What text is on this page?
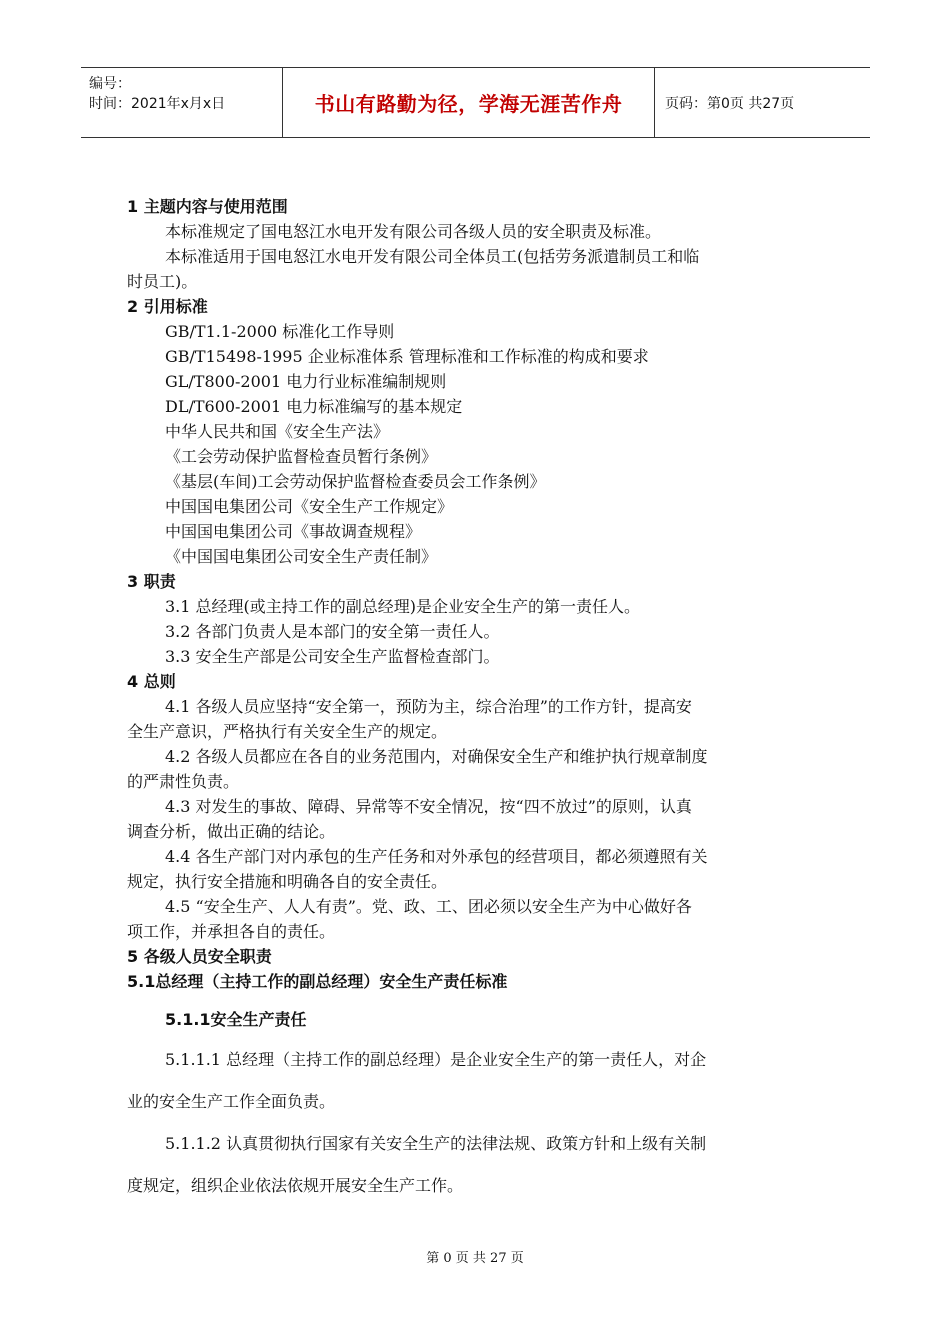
编号：
时间：2021年x月x日	书山有路勤为径，学海无涯苦作舟	页码：第0页 共27页
1 主题内容与使用范围
本标准规定了国电怒江水电开发有限公司各级人员的安全职责及标准。
本标准适用于国电怒江水电开发有限公司全体员工(包括劳务派遣制员工和临
时员工)。
2 引用标准
GB/T1.1-2000 标准化工作导则
GB/T15498-1995 企业标准体系 管理标准和工作标准的构成和要求
GL/T800-2001 电力行业标准编制规则
DL/T600-2001 电力标准编写的基本规定
中华人民共和国《安全生产法》
《工会劳动保护监督检查员暂行条例》
《基层(车间)工会劳动保护监督检查委员会工作条例》
中国国电集团公司《安全生产工作规定》
中国国电集团公司《事故调查规程》
《中国国电集团公司安全生产责任制》
3 职责
3.1 总经理(或主持工作的副总经理)是企业安全生产的第一责任人。
3.2 各部门负责人是本部门的安全第一责任人。
3.3 安全生产部是公司安全生产监督检查部门。
4 总则
4.1 各级人员应坚持“安全第一，预防为主，综合治理”的工作方针，提高安
全生产意识，严格执行有关安全生产的规定。
4.2 各级人员都应在各自的业务范围内，对确保安全生产和维护执行规章制度
的严肃性负责。
4.3 对发生的事故、障碍、异常等不安全情况，按“四不放过”的原则，认真
调查分析，做出正确的结论。
4.4 各生产部门对内承包的生产任务和对外承包的经营项目，都必须遵照有关
规定，执行安全措施和明确各自的安全责任。
4.5 “安全生产、人人有责”。党、政、工、团必须以安全生产为中心做好各
项工作，并承担各自的责任。
5 各级人员安全职责
5.1总经理（主持工作的副总经理）安全生产责任标准
5.1.1安全生产责任
5.1.1.1 总经理（主持工作的副总经理）是企业安全生产的第一责任人，对企
业的安全生产工作全面负责。
5.1.1.2 认真贯彻执行国家有关安全生产的法律法规、政策方针和上级有关制
度规定，组织企业依法依规开展安全生产工作。
第 0 页 共 27 页
